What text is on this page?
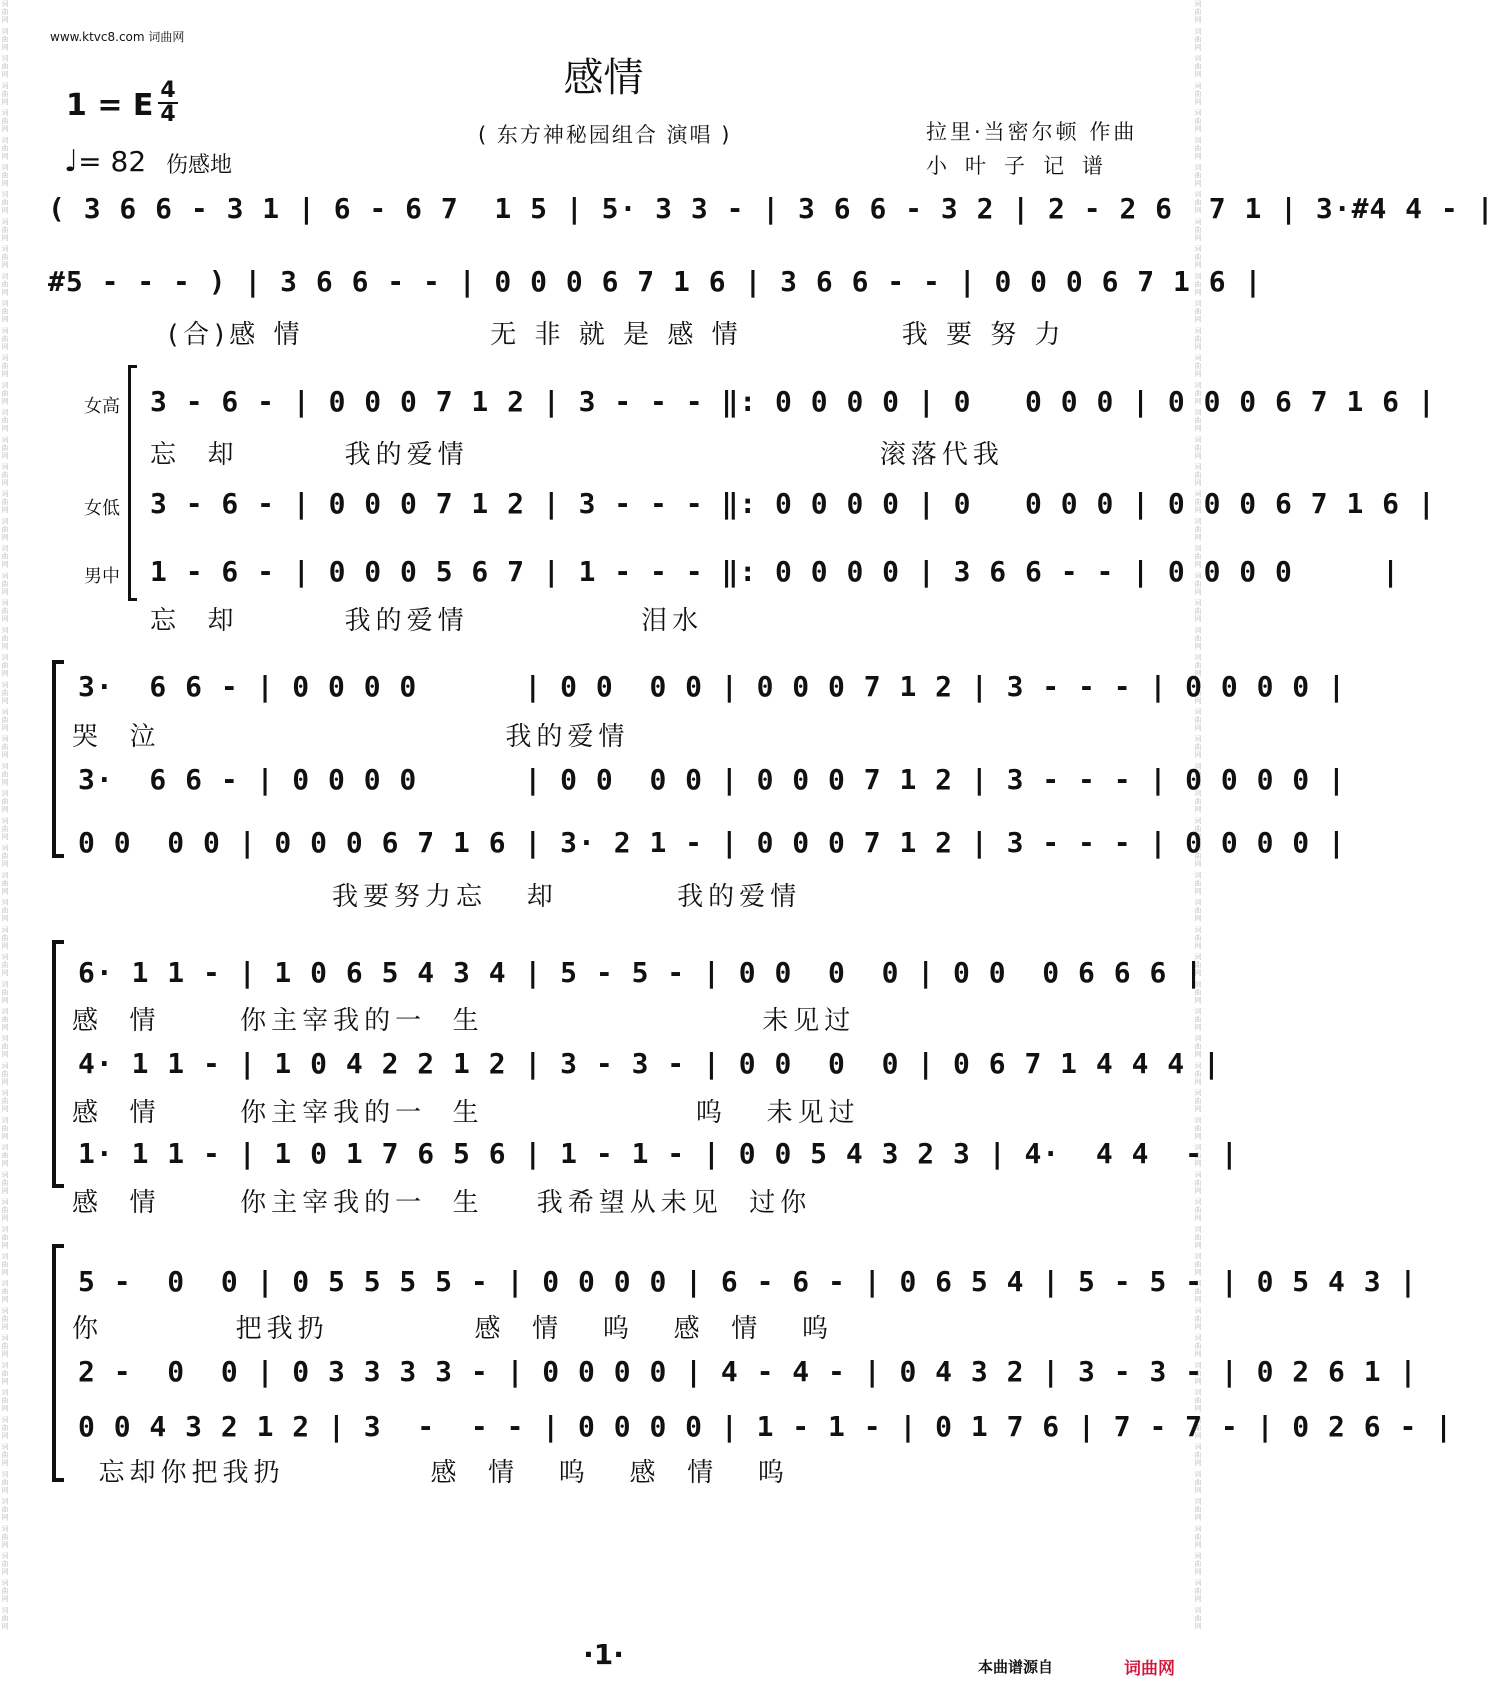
词曲网 词曲网 词曲网 词曲网 词曲网 词曲网 词曲网 词曲网 词曲网 词曲网 词曲网 词曲网 词曲网 词曲网 词曲网 词曲网 词曲网 词曲网 词曲网 词曲网 词曲网 词曲网 词曲网 词曲网 词曲网 词曲网 词曲网 词曲网 词曲网 词曲网 词曲网 词曲网 词曲网 词曲网 词曲网 词曲网 词曲网 词曲网 词曲网 词曲网 词曲网 词曲网 词曲网 词曲网 词曲网 词曲网 词曲网 词曲网 词曲网 词曲网 词曲网 词曲网 词曲网 词曲网 词曲网 词曲网 词曲网 词曲网 词曲网 词曲网	词曲网 词曲网 词曲网 词曲网 词曲网 词曲网 词曲网 词曲网 词曲网 词曲网 词曲网 词曲网 词曲网 词曲网 词曲网 词曲网 词曲网 词曲网 词曲网 词曲网 词曲网 词曲网 词曲网 词曲网 词曲网 词曲网 词曲网 词曲网 词曲网 词曲网 词曲网 词曲网 词曲网 词曲网 词曲网 词曲网 词曲网 词曲网 词曲网 词曲网 词曲网 词曲网 词曲网 词曲网 词曲网 词曲网 词曲网 词曲网 词曲网 词曲网 词曲网 词曲网 词曲网 词曲网 词曲网 词曲网 词曲网 词曲网 词曲网 词曲网
www.ktvc8.com 词曲网
感情
1 = E 4
4
♩= 82 伤感地
( 东方神秘园组合 演唱 )	拉里·当密尔顿 作曲
小叶子记谱
( 3 6 6 - 3 1 | 6 - 6 7  1 5 | 5· 3 3 - | 3 6 6 - 3 2 | 2 - 2 6  7 1 | 3·#4 4 - |
#5 - - - ) | 3 6 6 - - | 0 0 0 6 7 1 6 | 3 6 6 - - | 0 0 0 6 7 1 6 |
(合)感 情              无 非 就 是 感 情            我 要 努 力
女高 3 - 6 - | 0 0 0 7 1 2 | 3 - - - ‖: 0 0 0 0 | 0   0 0 0 | 0 0 0 6 7 1 6 |
忘  却        我的爱情                               滚落代我
女低 3 - 6 - | 0 0 0 7 1 2 | 3 - - - ‖: 0 0 0 0 | 0   0 0 0 | 0 0 0 6 7 1 6 |
男中 1 - 6 - | 0 0 0 5 6 7 | 1 - - - ‖: 0 0 0 0 | 3 6 6 - - | 0 0 0 0     |
忘  却        我的爱情             泪水
3·  6 6 - | 0 0 0 0      | 0 0  0 0 | 0 0 0 7 1 2 | 3 - - - | 0 0 0 0 |
哭  泣                          我的爱情
3·  6 6 - | 0 0 0 0      | 0 0  0 0 | 0 0 0 7 1 2 | 3 - - - | 0 0 0 0 |
0 0  0 0 | 0 0 0 6 7 1 6 | 3· 2 1 - | 0 0 0 7 1 2 | 3 - - - | 0 0 0 0 |
我要努力忘   却         我的爱情
6· 1 1 - | 1 0 6 5 4 3 4 | 5 - 5 - | 0 0  0  0 | 0 0  0 6 6 6 |
感  情      你主宰我的一  生                     未见过
4· 1 1 - | 1 0 4 2 2 1 2 | 3 - 3 - | 0 0  0  0 | 0 6 7 1 4 4 4 |
感  情      你主宰我的一  生                呜   未见过
1· 1 1 - | 1 0 1 7 6 5 6 | 1 - 1 - | 0 0 5 4 3 2 3 | 4·  4 4  - |
感  情      你主宰我的一  生    我希望从未见  过你
5 -  0  0 | 0 5 5 5 5 - | 0 0 0 0 | 6 - 6 - | 0 6 5 4 | 5 - 5 - | 0 5 4 3 |
你          把我扔           感  情   呜   感  情   呜
2 -  0  0 | 0 3 3 3 3 - | 0 0 0 0 | 4 - 4 - | 0 4 3 2 | 3 - 3 - | 0 2 6 1 |
0 0 4 3 2 1 2 | 3  -  - - | 0 0 0 0 | 1 - 1 - | 0 1 7 6 | 7 - 7 - | 0 2 6 - |
忘却你把我扔           感  情   呜   感  情   呜
·1·	本曲谱源自	词曲网
